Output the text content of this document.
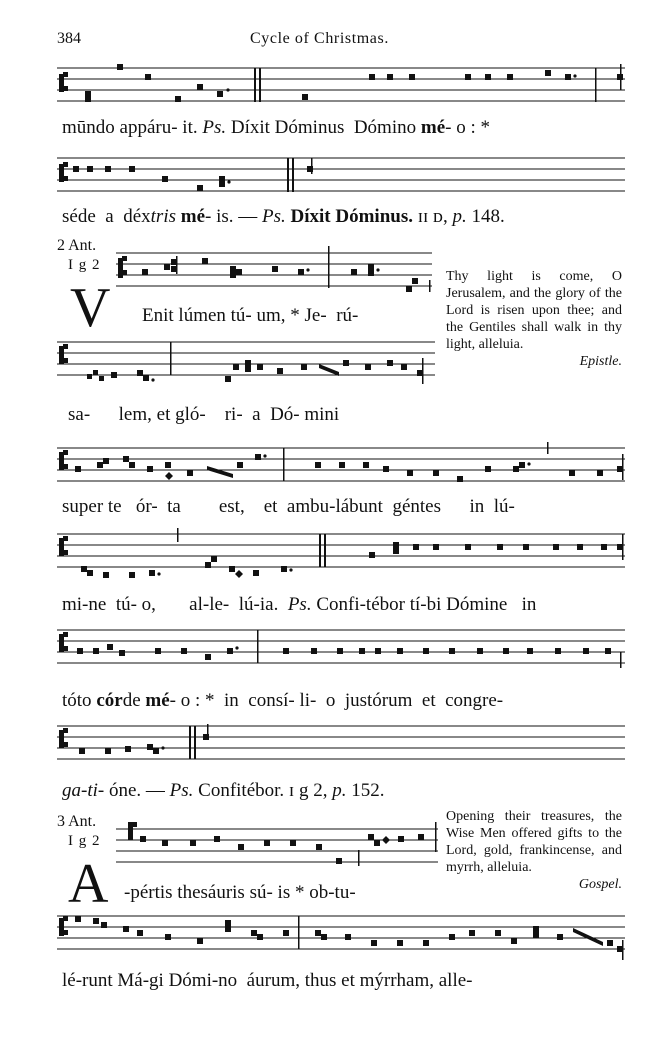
384	Cycle of Christmas.
mūndo appáru- it. Ps. Díxit Dóminus  Dómino mé- o : *
séde  a  déxtris mé- is. — Ps. Díxit Dóminus. ɪɪ ᴅ, p. 148.
2 Ant.
I g 2
V Enit lúmen tú- um, * Je-  rú-
Thy light is come, O Jerusalem, and the glory of the Lord is risen upon thee; and the Gentiles shall walk in thy light, alleluia.
Epistle.
sa-      lem, et gló-    ri-  a  Dó- mini
super te   ór-  ta        est,    et  ambu-lábunt  géntes      in  lú-
mi-ne  tú- o,       al-le-  lú-ia.  Ps. Confi-tébor tí-bi Dómine   in
tóto córde mé- o : *  in  consí- li-  o  justórum  et  congre-
ga-ti- óne. — Ps. Confitébor. ɪ g 2, p. 152.
3 Ant.
I g 2
A -pértis thesáuris sú- is * ob-tu-
Opening their treasures, the Wise Men offered gifts to the Lord, gold, frankincense, and myrrh, alleluia.
Gospel.
lé-runt Má-gi Dómi-no  áurum, thus et mýrrham, alle-
